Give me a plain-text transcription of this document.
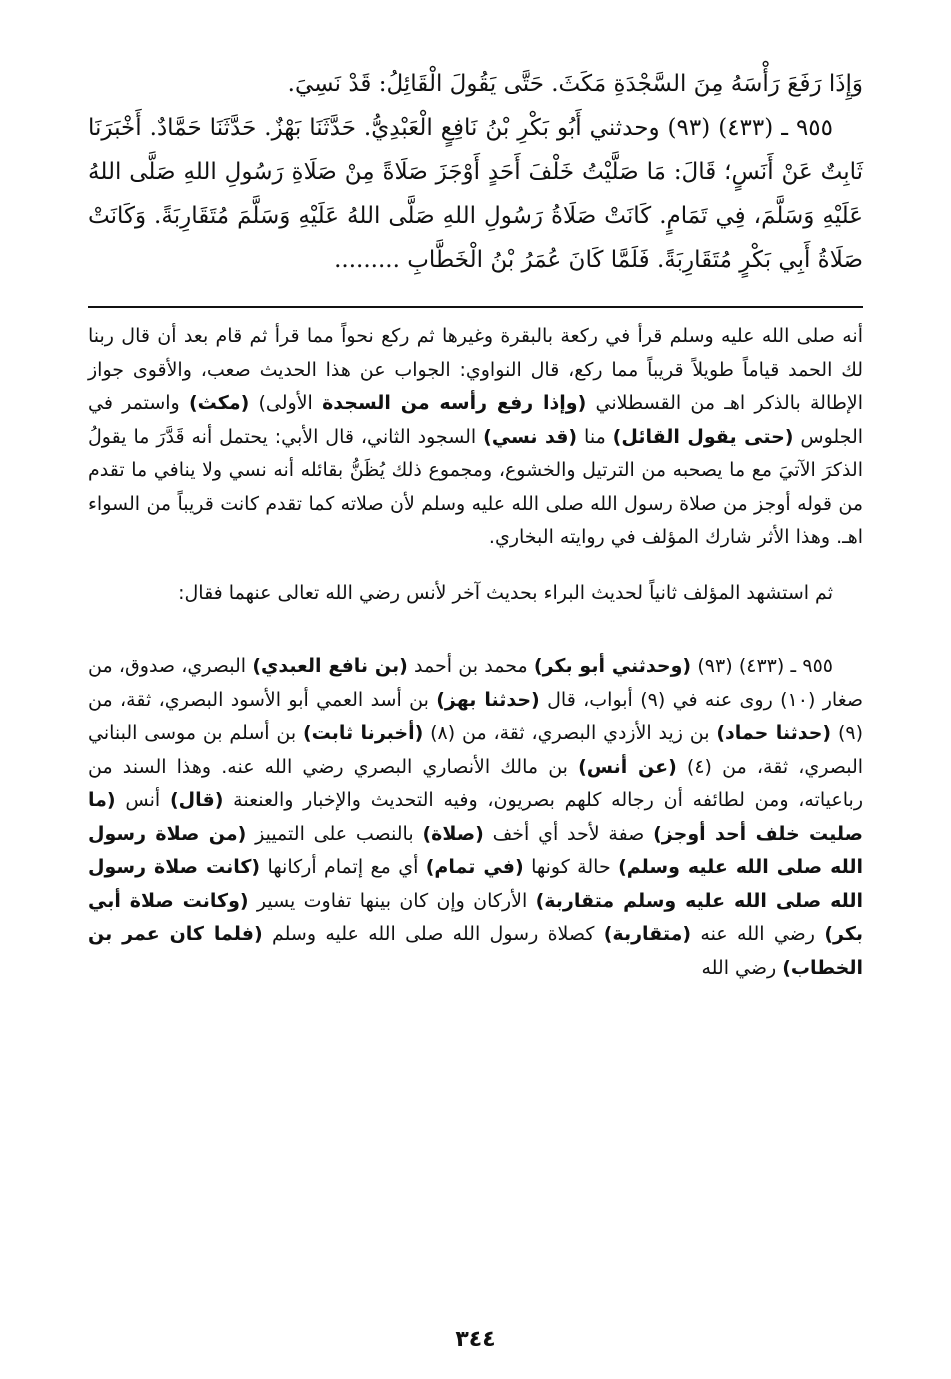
وَإِذَا رَفَعَ رَأْسَهُ مِنَ السَّجْدَةِ مَكَثَ. حَتَّى يَقُولَ الْقَائِلُ: قَدْ نَسِيَ.

٩٥٥ ـ (٤٣٣) (٩٣) وحدثني أَبُو بَكْرِ بْنُ نَافِعٍ الْعَبْدِيُّ. حَدَّثَنَا بَهْزٌ. حَدَّثَنَا حَمَّادٌ. أَخْبَرَنَا ثَابِتٌ عَنْ أَنَسٍ؛ قَالَ: مَا صَلَّيْتُ خَلْفَ أَحَدٍ أَوْجَزَ صَلَاةً مِنْ صَلَاةِ رَسُولِ اللهِ صَلَّى اللهُ عَلَيْهِ وَسَلَّمَ، فِي تَمَامٍ. كَانَتْ صَلَاةُ رَسُولِ اللهِ صَلَّى اللهُ عَلَيْهِ وَسَلَّمَ مُتَقَارِبَةً. وَكَانَتْ صَلَاةُ أَبِي بَكْرٍ مُتَقَارِبَةً. فَلَمَّا كَانَ عُمَرُ بْنُ الْخَطَّابِ .........

أنه صلى الله عليه وسلم قرأ في ركعة بالبقرة وغيرها ثم ركع نحواً مما قرأ ثم قام بعد أن قال ربنا لك الحمد قياماً طويلاً قريباً مما ركع، قال النواوي: الجواب عن هذا الحديث صعب، والأقوى جواز الإطالة بالذكر اهـ من القسطلاني (وإذا رفع رأسه من السجدة الأولى) (مكث) واستمر في الجلوس (حتى يقول القائل) منا (قد نسي) السجود الثاني، قال الأبي: يحتمل أنه قَدَّرَ ما يقولُ الذكرَ الآتيَ مع ما يصحبه من الترتيل والخشوع، ومجموع ذلك يُظَنُّ بقائله أنه نسي ولا ينافي ما تقدم من قوله أوجز من صلاة رسول الله صلى الله عليه وسلم لأن صلاته كما تقدم كانت قريباً من السواء اهـ. وهذا الأثر شارك المؤلف في روايته البخاري.

ثم استشهد المؤلف ثانياً لحديث البراء بحديث آخر لأنس رضي الله تعالى عنهما فقال:

٩٥٥ ـ (٤٣٣) (٩٣) (وحدثني أبو بكر) محمد بن أحمد (بن نافع العبدي) البصري، صدوق، من صغار (١٠) روى عنه في (٩) أبواب، قال (حدثنا بهز) بن أسد العمي أبو الأسود البصري، ثقة، من (٩) (حدثنا حماد) بن زيد الأزدي البصري، ثقة، من (٨) (أخبرنا ثابت) بن أسلم بن موسى البناني البصري، ثقة، من (٤) (عن أنس) بن مالك الأنصاري البصري رضي الله عنه. وهذا السند من رباعياته، ومن لطائفه أن رجاله كلهم بصريون، وفيه التحديث والإخبار والعنعنة (قال) أنس (ما صليت خلف أحد أوجز) صفة لأحد أي أخف (صلاة) بالنصب على التمييز (من صلاة رسول الله صلى الله عليه وسلم) حالة كونها (في تمام) أي مع إتمام أركانها (كانت صلاة رسول الله صلى الله عليه وسلم متقاربة) الأركان وإن كان بينها تفاوت يسير (وكانت صلاة أبي بكر) رضي الله عنه (متقاربة) كصلاة رسول الله صلى الله عليه وسلم (فلما كان عمر بن الخطاب) رضي الله

٣٤٤
